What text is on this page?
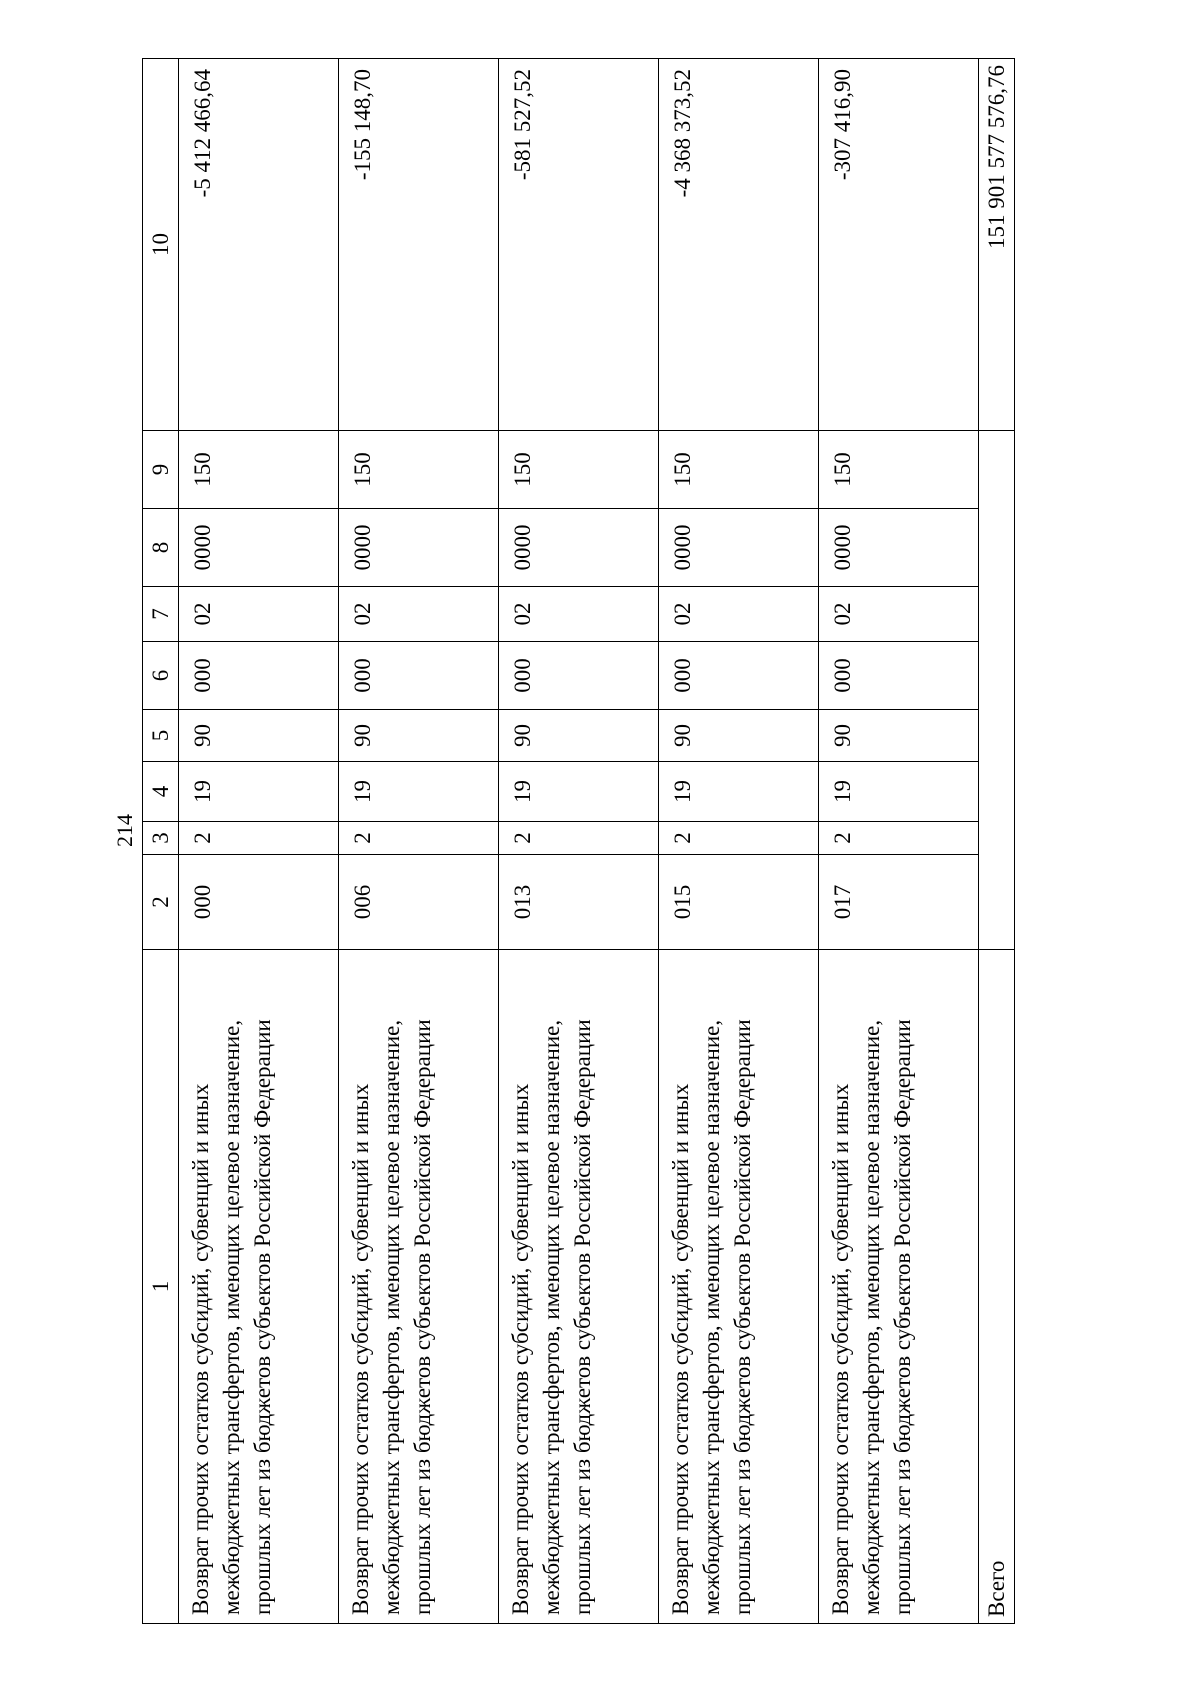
214
1	2	3	4	5	6	7	8	9	10
Возврат прочих остатков субсидий, субвенций и иных межбюджетных трансфертов, имеющих целевое назначение, прошлых лет из бюджетов субъектов Российской Федерации	000	2	19	90	000	02	0000	150	-5 412 466,64
Возврат прочих остатков субсидий, субвенций и иных межбюджетных трансфертов, имеющих целевое назначение, прошлых лет из бюджетов субъектов Российской Федерации	006	2	19	90	000	02	0000	150	-155 148,70
Возврат прочих остатков субсидий, субвенций и иных межбюджетных трансфертов, имеющих целевое назначение, прошлых лет из бюджетов субъектов Российской Федерации	013	2	19	90	000	02	0000	150	-581 527,52
Возврат прочих остатков субсидий, субвенций и иных межбюджетных трансфертов, имеющих целевое назначение, прошлых лет из бюджетов субъектов Российской Федерации	015	2	19	90	000	02	0000	150	-4 368 373,52
Возврат прочих остатков субсидий, субвенций и иных межбюджетных трансфертов, имеющих целевое назначение, прошлых лет из бюджетов субъектов Российской Федерации	017	2	19	90	000	02	0000	150	-307 416,90
Всего									151 901 577 576,76
